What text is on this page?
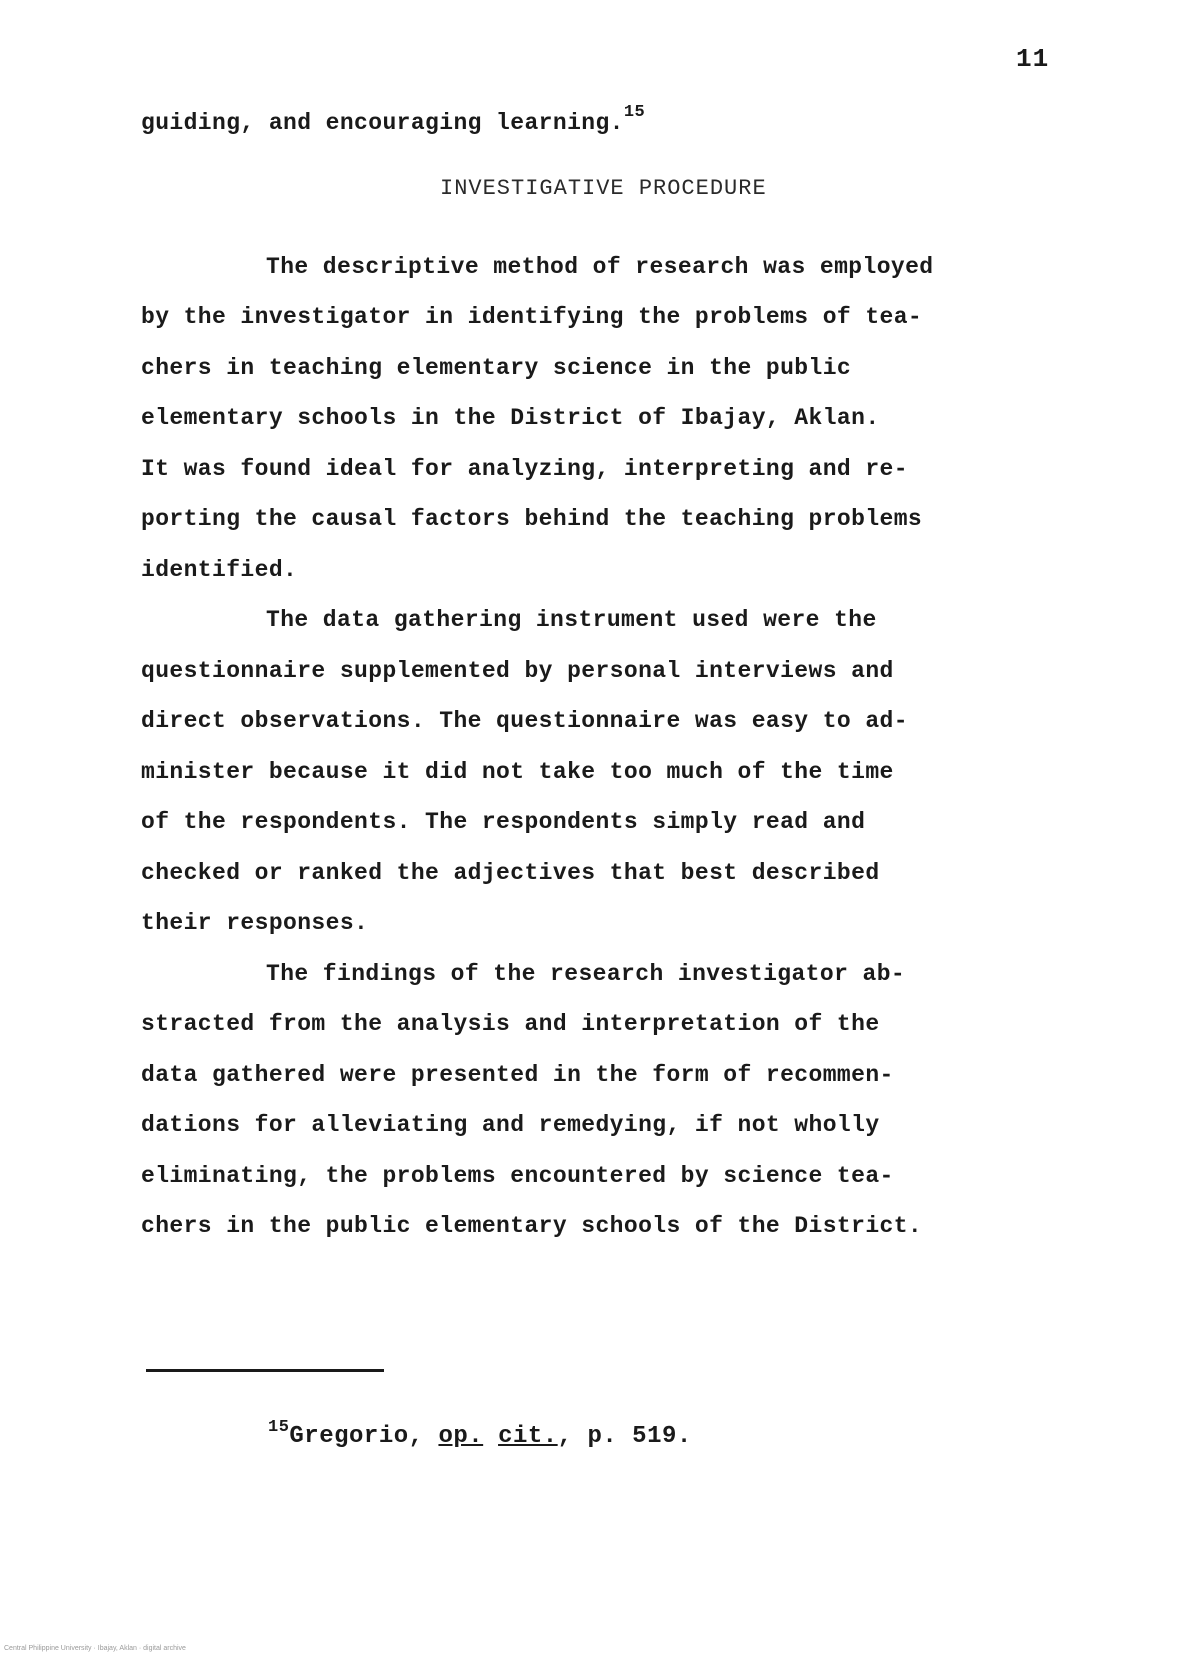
11
guiding, and encouraging learning.$^{15}$
INVESTIGATIVE PROCEDURE
The descriptive method of research was employed
by the investigator in identifying the problems of tea-
chers in teaching elementary science in the public
elementary schools in the District of Ibajay, Aklan.
It was found ideal for analyzing, interpreting and re-
porting the causal factors behind the teaching problems
identified.
The data gathering instrument used were the
questionnaire supplemented by personal interviews and
direct observations. The questionnaire was easy to ad-
minister because it did not take too much of the time
of the respondents. The respondents simply read and
checked or ranked the adjectives that best described
their responses.
The findings of the research investigator ab-
stracted from the analysis and interpretation of the
data gathered were presented in the form of recommen-
dations for alleviating and remedying, if not wholly
eliminating, the problems encountered by science tea-
chers in the public elementary schools of the District.
$^{15}$Gregorio, op. cit., p. 519.
Central Philippine University · Ibajay, Aklan · digital archive
